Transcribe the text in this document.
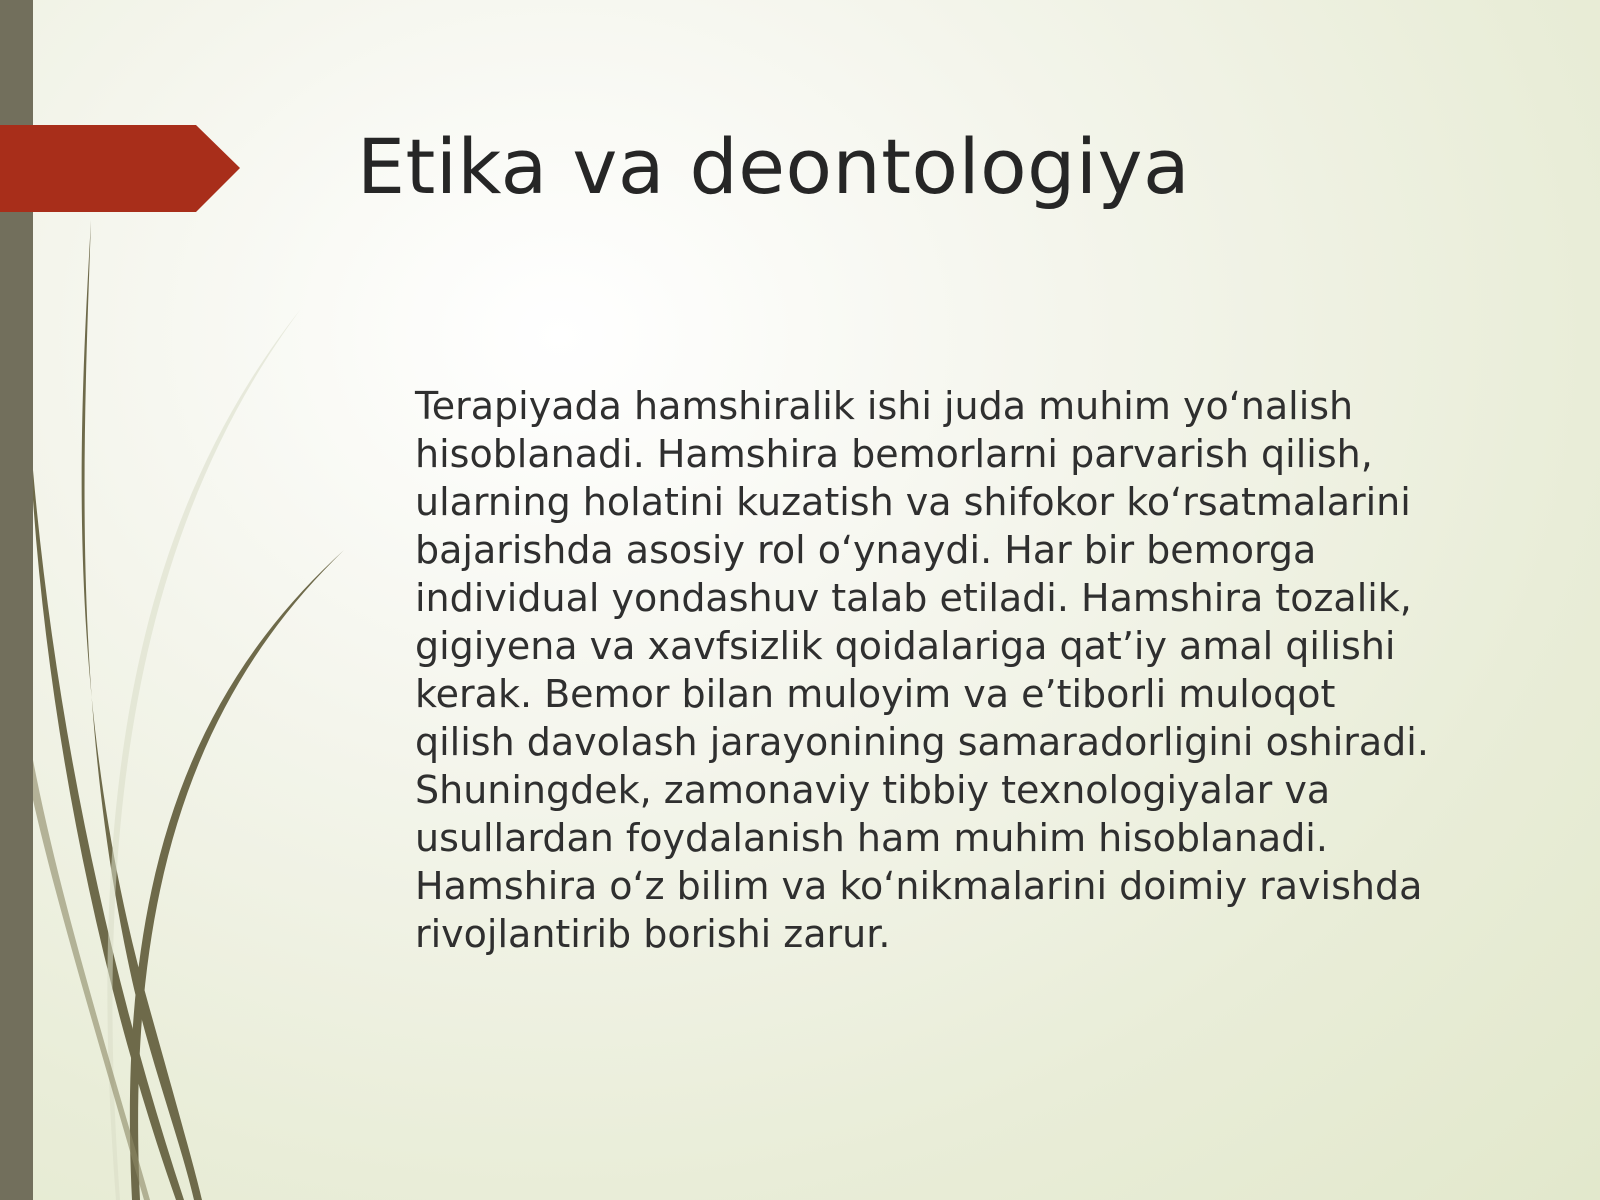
Etika va deontologiya

Terapiyada hamshiralik ishi juda muhim yoʻnalish hisoblanadi. Hamshira bemorlarni parvarish qilish, ularning holatini kuzatish va shifokor koʻrsatmalarini bajarishda asosiy rol oʻynaydi. Har bir bemorga individual yondashuv talab etiladi. Hamshira tozalik, gigiyena va xavfsizlik qoidalariga qat’iy amal qilishi kerak. Bemor bilan muloyim va e’tiborli muloqot qilish davolash jarayonining samaradorligini oshiradi. Shuningdek, zamonaviy tibbiy texnologiyalar va usullardan foydalanish ham muhim hisoblanadi. Hamshira oʻz bilim va koʻnikmalarini doimiy ravishda rivojlantirib borishi zarur.
